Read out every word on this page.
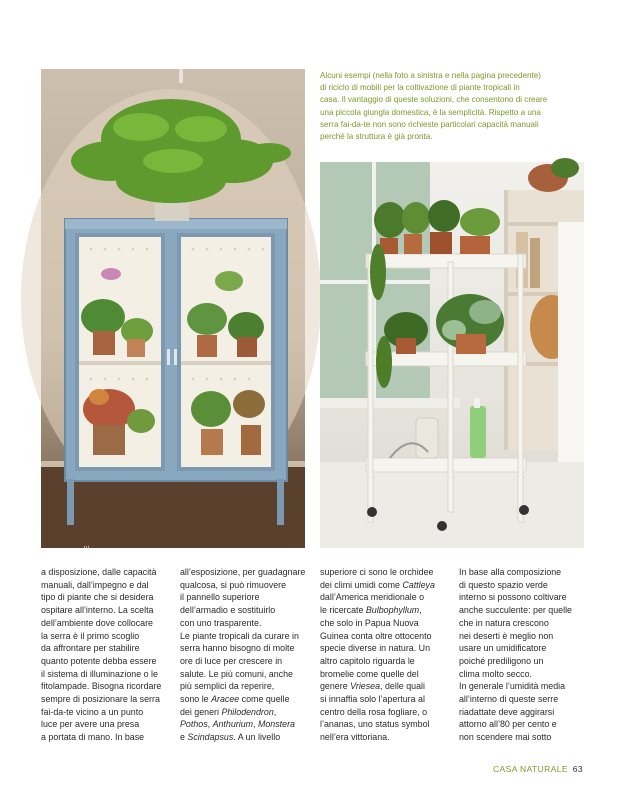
© BRANDON FLYE

Alcuni esempi (nella foto a sinistra e nella pagina precedente)
di riciclo di mobili per la coltivazione di piante tropicali in
casa. Il vantaggio di queste soluzioni, che consentono di creare
una piccola giungla domestica, è la semplicità. Rispetto a una
serra fai-da-te non sono richieste particolari capacità manuali
perché la struttura è già pronta.

a disposizione, dalle capacità
manuali, dall’impegno e dal
tipo di piante che si desidera
ospitare all’interno. La scelta
dell’ambiente dove collocare
la serra è il primo scoglio
da affrontare per stabilire
quanto potente debba essere
il sistema di illuminazione o le
fitolampade. Bisogna ricordare
sempre di posizionare la serra
fai-da-te vicino a un punto
luce per avere una presa
a portata di mano. In base

all’esposizione, per guadagnare
qualcosa, si può rimuovere
il pannello superiore
dell’armadio e sostituirlo
con uno trasparente.
Le piante tropicali da curare in
serra hanno bisogno di molte
ore di luce per crescere in
salute. Le più comuni, anche
più semplici da reperire,
sono le Aracee come quelle
dei generi Philodendron,
Pothos, Anthurium, Monstera
e Scindapsus. A un livello

superiore ci sono le orchidee
dei climi umidi come Cattleya
dall’America meridionale o
le ricercate Bulbophyllum,
che solo in Papua Nuova
Guinea conta oltre ottocento
specie diverse in natura. Un
altro capitolo riguarda le
bromelie come quelle del
genere Vriesea, delle quali
si innaffia solo l’apertura al
centro della rosa fogliare, o
l’ananas, uno status symbol
nell’era vittoriana.

In base alla composizione
di questo spazio verde
interno si possono coltivare
anche succulente: per quelle
che in natura crescono
nei deserti è meglio non
usare un umidificatore
poiché prediligono un
clima molto secco.
In generale l’umidità media
all’interno di queste serre
riadattate deve aggirarsi
attorno all’80 per cento e
non scendere mai sotto

CASA NATURALE 63
